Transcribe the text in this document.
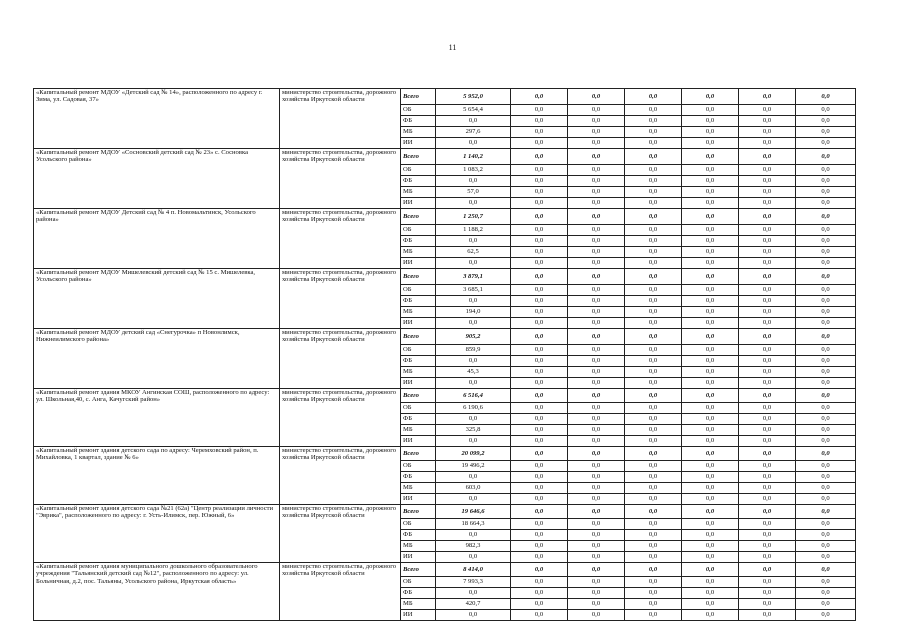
11
«Капитальный ремонт МДОУ «Детский сад № 14», расположенного по адресу г. Зима, ул. Садовая, 37»	министерство строительства, дорожного хозяйства Иркутской области	Всего	5 952,0	0,0	0,0	0,0	0,0	0,0	0,0
		ОБ	5 654,4	0,0	0,0	0,0	0,0	0,0	0,0
		ФБ	0,0	0,0	0,0	0,0	0,0	0,0	0,0
		МБ	297,6	0,0	0,0	0,0	0,0	0,0	0,0
		ИИ	0,0	0,0	0,0	0,0	0,0	0,0	0,0
«Капитальный ремонт МДОУ «Сосновский детский сад № 23» с. Сосновка Усольского района»	министерство строительства, дорожного хозяйства Иркутской области	Всего	1 140,2	0,0	0,0	0,0	0,0	0,0	0,0
		ОБ	1 083,2	0,0	0,0	0,0	0,0	0,0	0,0
		ФБ	0,0	0,0	0,0	0,0	0,0	0,0	0,0
		МБ	57,0	0,0	0,0	0,0	0,0	0,0	0,0
		ИИ	0,0	0,0	0,0	0,0	0,0	0,0	0,0
«Капитальный ремонт МДОУ Детский сад № 4 п. Новомальтинск, Усольского района»	министерство строительства, дорожного хозяйства Иркутской области	Всего	1 250,7	0,0	0,0	0,0	0,0	0,0	0,0
		ОБ	1 188,2	0,0	0,0	0,0	0,0	0,0	0,0
		ФБ	0,0	0,0	0,0	0,0	0,0	0,0	0,0
		МБ	62,5	0,0	0,0	0,0	0,0	0,0	0,0
		ИИ	0,0	0,0	0,0	0,0	0,0	0,0	0,0
«Капитальный ремонт МДОУ Мишелевский детский сад № 15 с. Мишелевка, Усольского района»	министерство строительства, дорожного хозяйства Иркутской области	Всего	3 879,1	0,0	0,0	0,0	0,0	0,0	0,0
		ОБ	3 685,1	0,0	0,0	0,0	0,0	0,0	0,0
		ФБ	0,0	0,0	0,0	0,0	0,0	0,0	0,0
		МБ	194,0	0,0	0,0	0,0	0,0	0,0	0,0
		ИИ	0,0	0,0	0,0	0,0	0,0	0,0	0,0
«Капитальный ремонт МДОУ детский сад «Снегурочка» п Новонлимск, Нижнеилимского района»	министерство строительства, дорожного хозяйства Иркутской области	Всего	905,2	0,0	0,0	0,0	0,0	0,0	0,0
		ОБ	859,9	0,0	0,0	0,0	0,0	0,0	0,0
		ФБ	0,0	0,0	0,0	0,0	0,0	0,0	0,0
		МБ	45,3	0,0	0,0	0,0	0,0	0,0	0,0
		ИИ	0,0	0,0	0,0	0,0	0,0	0,0	0,0
«Капитальный ремонт здания МКОУ Ангинская СОШ, расположенного по адресу: ул. Школьная,40, с. Анга, Качугский район»	министерство строительства, дорожного хозяйства Иркутской области	Всего	6 516,4	0,0	0,0	0,0	0,0	0,0	0,0
		ОБ	6 190,6	0,0	0,0	0,0	0,0	0,0	0,0
		ФБ	0,0	0,0	0,0	0,0	0,0	0,0	0,0
		МБ	325,8	0,0	0,0	0,0	0,0	0,0	0,0
		ИИ	0,0	0,0	0,0	0,0	0,0	0,0	0,0
«Капитальный ремонт здания детского сада по адресу: Черемховский район, п. Михайловка, 1 квартал, здание № 6»	министерство строительства, дорожного хозяйства Иркутской области	Всего	20 099,2	0,0	0,0	0,0	0,0	0,0	0,0
		ОБ	19 496,2	0,0	0,0	0,0	0,0	0,0	0,0
		ФБ	0,0	0,0	0,0	0,0	0,0	0,0	0,0
		МБ	603,0	0,0	0,0	0,0	0,0	0,0	0,0
		ИИ	0,0	0,0	0,0	0,0	0,0	0,0	0,0
«Капитальный ремонт здания детского сада №21 (62а) "Центр реализации личности "Эврика", расположенного по адресу: г. Усть-Илимск, пер. Южный, 6»	министерство строительства, дорожного хозяйства Иркутской области	Всего	19 646,6	0,0	0,0	0,0	0,0	0,0	0,0
		ОБ	18 664,3	0,0	0,0	0,0	0,0	0,0	0,0
		ФБ	0,0	0,0	0,0	0,0	0,0	0,0	0,0
		МБ	982,3	0,0	0,0	0,0	0,0	0,0	0,0
		ИИ	0,0	0,0	0,0	0,0	0,0	0,0	0,0
«Капитальный ремонт здания муниципального дошкольного образовательного учреждения "Тальянский детский сад №12", расположенного по адресу: ул. Больничная, д.2, пос. Тальяны, Усольского района, Иркутская область»	министерство строительства, дорожного хозяйства Иркутской области	Всего	8 414,0	0,0	0,0	0,0	0,0	0,0	0,0
		ОБ	7 993,3	0,0	0,0	0,0	0,0	0,0	0,0
		ФБ	0,0	0,0	0,0	0,0	0,0	0,0	0,0
		МБ	420,7	0,0	0,0	0,0	0,0	0,0	0,0
		ИИ	0,0	0,0	0,0	0,0	0,0	0,0	0,0
